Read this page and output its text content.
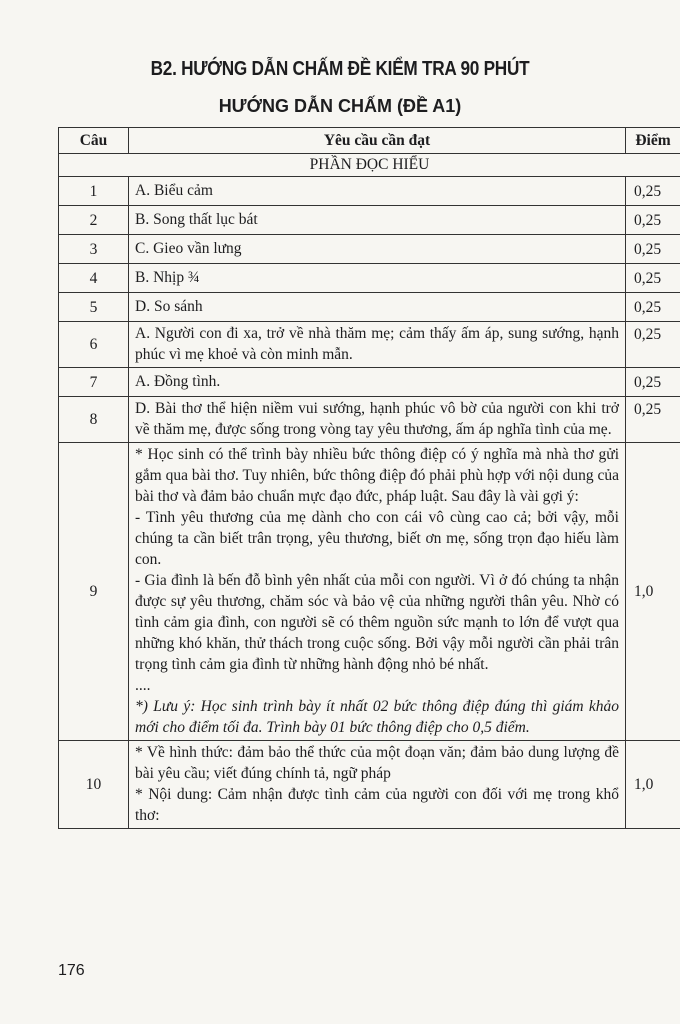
B2. HƯỚNG DẪN CHẤM ĐỀ KIỂM TRA 90 PHÚT
HƯỚNG DẪN CHẤM (ĐỀ A1)
Câu	Yêu cầu cần đạt	Điểm
PHẦN ĐỌC HIỂU		
1	A. Biểu cảm	0,25
2	B. Song thất lục bát	0,25
3	C. Gieo vần lưng	0,25
4	B. Nhịp ¾	0,25
5	D. So sánh	0,25
6	A. Người con đi xa, trở về nhà thăm mẹ; cảm thấy ấm áp, sung sướng, hạnh phúc vì mẹ khoẻ và còn minh mẫn.	0,25
7	A. Đồng tình.	0,25
8	D. Bài thơ thể hiện niềm vui sướng, hạnh phúc vô bờ của người con khi trở về thăm mẹ, được sống trong vòng tay yêu thương, ấm áp nghĩa tình của mẹ.	0,25
9	* Học sinh có thể trình bày nhiều bức thông điệp có ý nghĩa mà nhà thơ gửi gắm qua bài thơ. Tuy nhiên, bức thông điệp đó phải phù hợp với nội dung của bài thơ và đảm bảo chuẩn mực đạo đức, pháp luật. Sau đây là vài gợi ý:

- Tình yêu thương của mẹ dành cho con cái vô cùng cao cả; bởi vậy, mỗi chúng ta cần biết trân trọng, yêu thương, biết ơn mẹ, sống trọn đạo hiếu làm con.

- Gia đình là bến đỗ bình yên nhất của mỗi con người. Vì ở đó chúng ta nhận được sự yêu thương, chăm sóc và bảo vệ của những người thân yêu. Nhờ có tình cảm gia đình, con người sẽ có thêm nguồn sức mạnh to lớn để vượt qua những khó khăn, thử thách trong cuộc sống. Bởi vậy mỗi người cần phải trân trọng tình cảm gia đình từ những hành động nhỏ bé nhất.

....

*) Lưu ý: Học sinh trình bày ít nhất 02 bức thông điệp đúng thì giám khảo mới cho điểm tối đa. Trình bày 01 bức thông điệp cho 0,5 điểm.	1,0
10	* Về hình thức: đảm bảo thể thức của một đoạn văn; đảm bảo dung lượng đề bài yêu cầu; viết đúng chính tả, ngữ pháp

* Nội dung: Cảm nhận được tình cảm của người con đối với mẹ trong khổ thơ:	1,0
176
